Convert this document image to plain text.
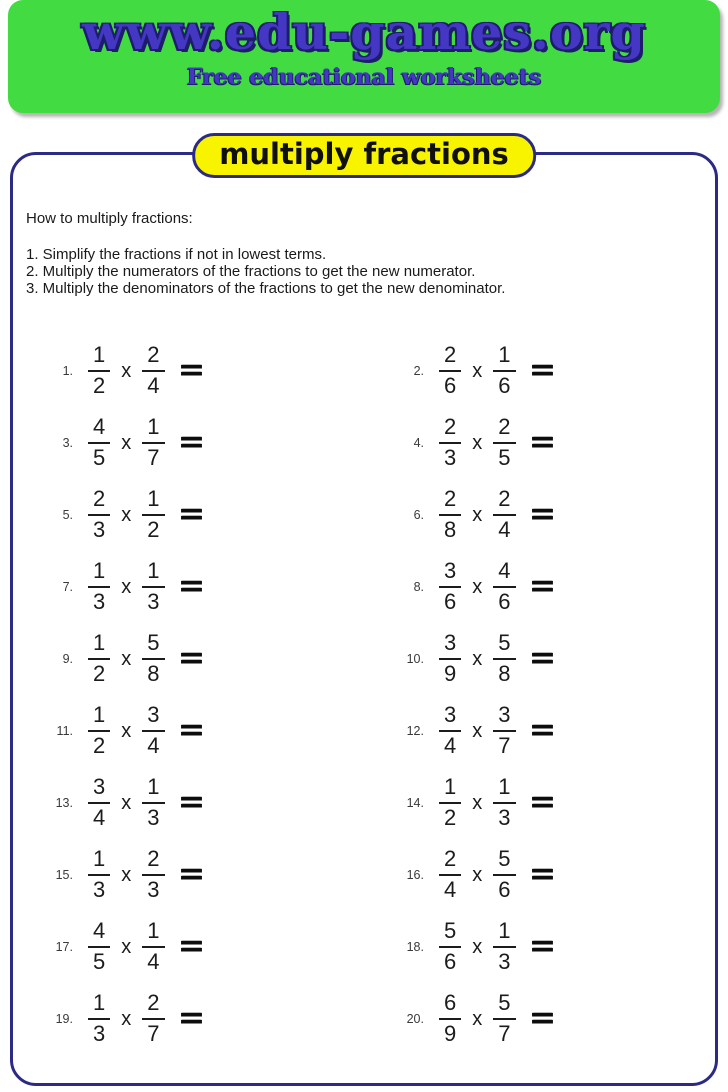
www.edu-games.org
Free educational worksheets
multiply fractions
How to multiply fractions:
1. Simplify the fractions if not in lowest terms.
2. Multiply the numerators of the fractions to get the new numerator.
3. Multiply the denominators of the fractions to get the new denominator.
1. $\frac{1}{2}$ x $\frac{2}{4}$ =	2. $\frac{2}{6}$ x $\frac{1}{6}$ =
3. $\frac{4}{5}$ x $\frac{1}{7}$ =	4. $\frac{2}{3}$ x $\frac{2}{5}$ =
5. $\frac{2}{3}$ x $\frac{1}{2}$ =	6. $\frac{2}{8}$ x $\frac{2}{4}$ =
7. $\frac{1}{3}$ x $\frac{1}{3}$ =	8. $\frac{3}{6}$ x $\frac{4}{6}$ =
9. $\frac{1}{2}$ x $\frac{5}{8}$ =	10. $\frac{3}{9}$ x $\frac{5}{8}$ =
11. $\frac{1}{2}$ x $\frac{3}{4}$ =	12. $\frac{3}{4}$ x $\frac{3}{7}$ =
13. $\frac{3}{4}$ x $\frac{1}{3}$ =	14. $\frac{1}{2}$ x $\frac{1}{3}$ =
15. $\frac{1}{3}$ x $\frac{2}{3}$ =	16. $\frac{2}{4}$ x $\frac{5}{6}$ =
17. $\frac{4}{5}$ x $\frac{1}{4}$ =	18. $\frac{5}{6}$ x $\frac{1}{3}$ =
19. $\frac{1}{3}$ x $\frac{2}{7}$ =	20. $\frac{6}{9}$ x $\frac{5}{7}$ =
